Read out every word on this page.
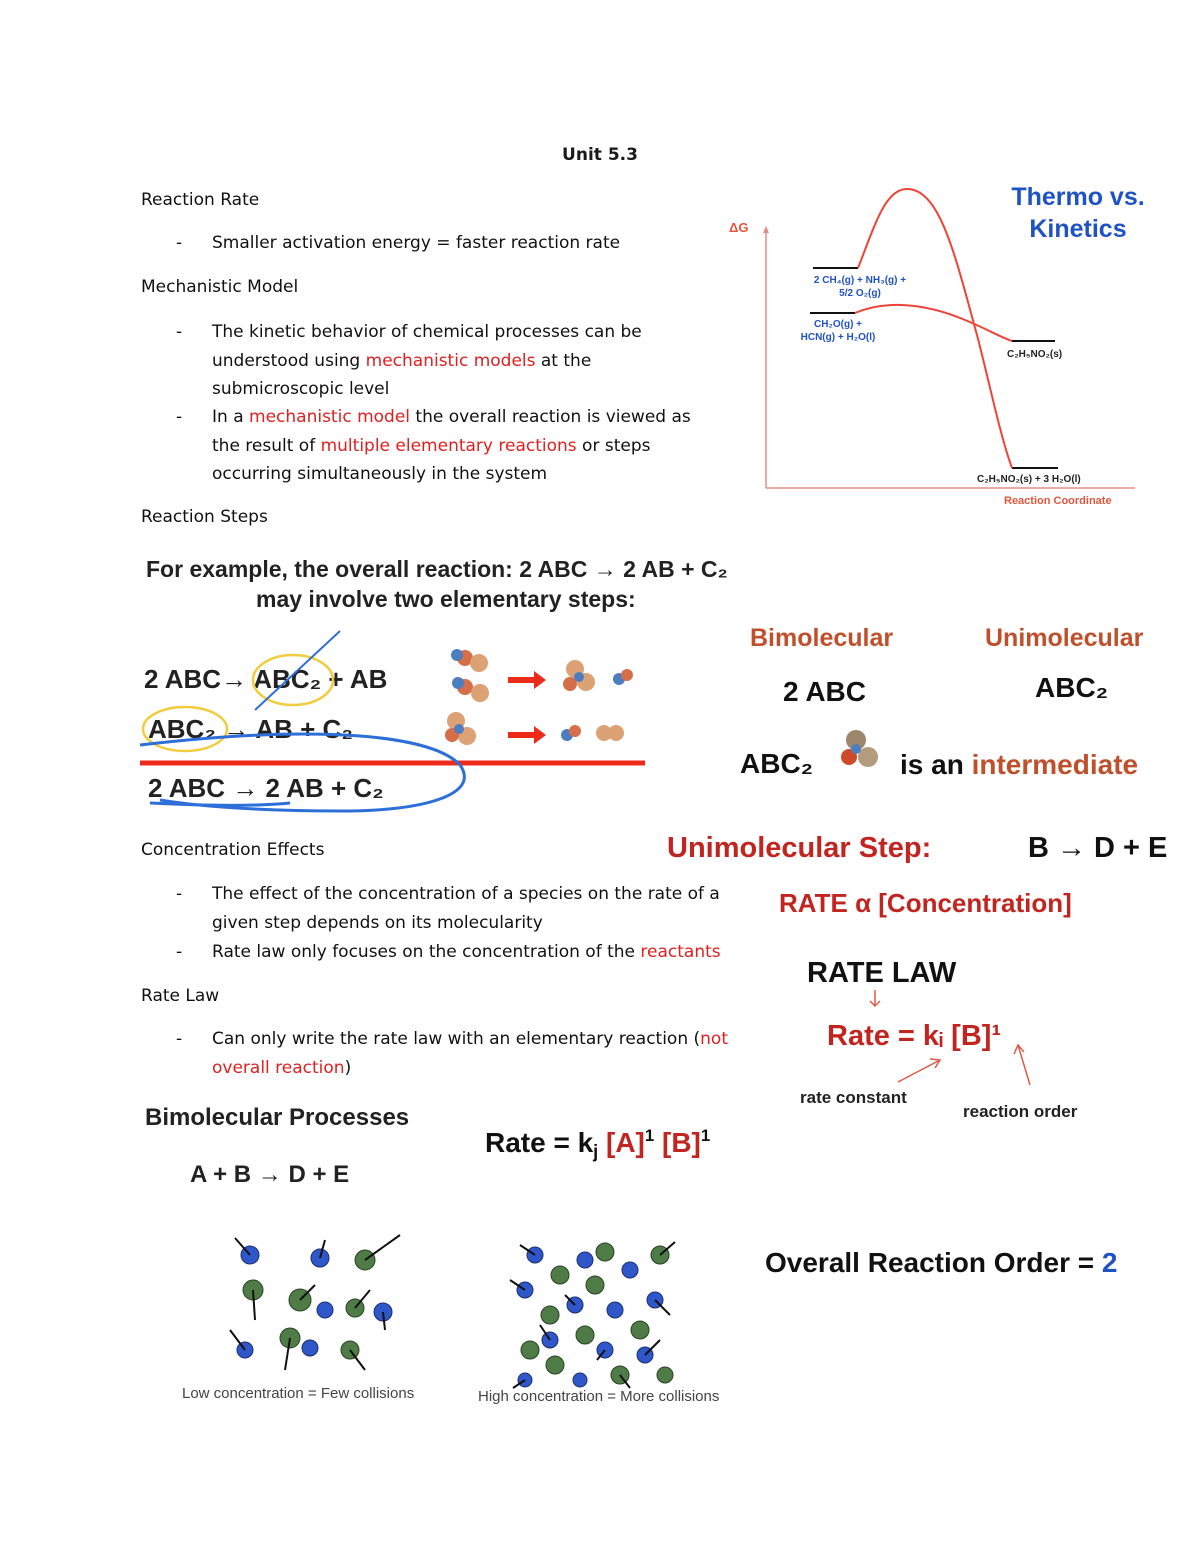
Unit 5.3
Reaction Rate
- Smaller activation energy = faster reaction rate
Mechanistic Model
- The kinetic behavior of chemical processes can be
understood using mechanistic models at the
submicroscopic level
- In a mechanistic model the overall reaction is viewed as
the result of multiple elementary reactions or steps
occurring simultaneously in the system
Reaction Steps
ΔG
Thermo vs.
Kinetics
2 CH₄(g) + NH₃(g) +
5/2 O₂(g)
CH₂O(g) +
HCN(g) + H₂O(l)
C₂H₅NO₂(s)
C₂H₅NO₂(s) + 3 H₂O(l)
Reaction Coordinate
For example, the overall reaction: 2 ABC → 2 AB + C₂
may involve two elementary steps:
2 ABC→ ABC₂ + AB
ABC₂ → AB + C₂
2 ABC → 2 AB + C₂
Bimolecular	Unimolecular
2 ABC	ABC₂
ABC₂	is an intermediate
Unimolecular Step:	B → D + E
RATE α [Concentration]
RATE LAW
Rate = kᵢ [B]¹
rate constant
reaction order
Concentration Effects
- The effect of the concentration of a species on the rate of a
given step depends on its molecularity
- Rate law only focuses on the concentration of the reactants
Rate Law
- Can only write the rate law with an elementary reaction (not
overall reaction)
Bimolecular Processes
A + B → D + E
Rate = $k_j$ $[A]^1$ $[B]^1$
Low concentration = Few collisions	High concentration = More collisions
Overall Reaction Order = 2
